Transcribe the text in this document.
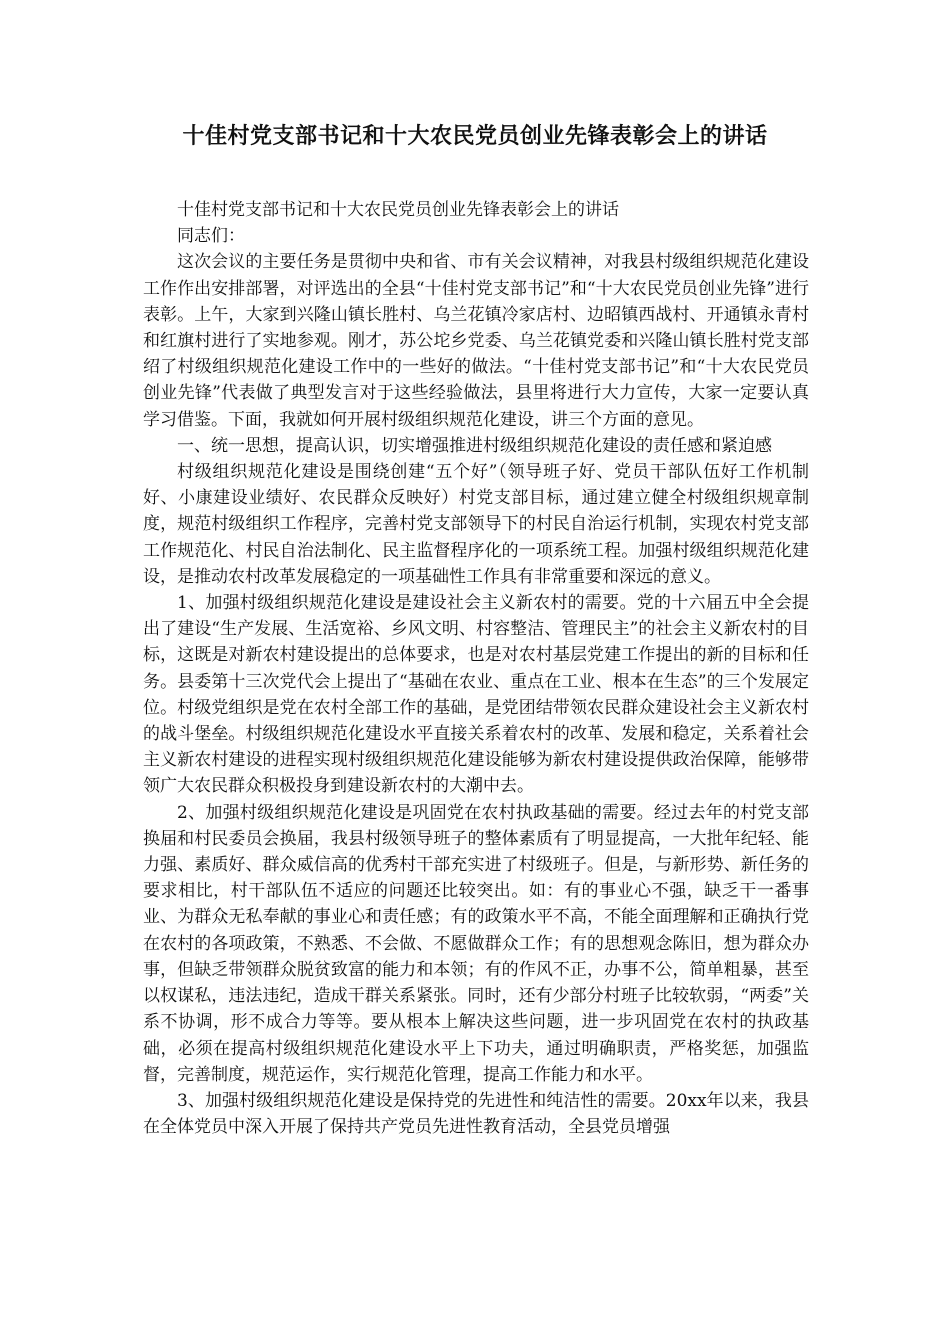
十佳村党支部书记和十大农民党员创业先锋表彰会上的讲话

十佳村党支部书记和十大农民党员创业先锋表彰会上的讲话

同志们：

这次会议的主要任务是贯彻中央和省、市有关会议精神，对我县村级组织规范化建设工作作出安排部署，对评选出的全县“十佳村党支部书记”和“十大农民党员创业先锋”进行表彰。上午，大家到兴隆山镇长胜村、乌兰花镇冷家店村、边昭镇西战村、开通镇永青村和红旗村进行了实地参观。刚才，苏公坨乡党委、乌兰花镇党委和兴隆山镇长胜村党支部绍了村级组织规范化建设工作中的一些好的做法。“十佳村党支部书记”和“十大农民党员创业先锋”代表做了典型发言对于这些经验做法，县里将进行大力宣传，大家一定要认真学习借鉴。下面，我就如何开展村级组织规范化建设，讲三个方面的意见。

一、统一思想，提高认识，切实增强推进村级组织规范化建设的责任感和紧迫感

村级组织规范化建设是围绕创建“五个好”（领导班子好、党员干部队伍好工作机制好、小康建设业绩好、农民群众反映好）村党支部目标，通过建立健全村级组织规章制度，规范村级组织工作程序，完善村党支部领导下的村民自治运行机制，实现农村党支部工作规范化、村民自治法制化、民主监督程序化的一项系统工程。加强村级组织规范化建设，是推动农村改革发展稳定的一项基础性工作具有非常重要和深远的意义。

1、加强村级组织规范化建设是建设社会主义新农村的需要。党的十六届五中全会提出了建设“生产发展、生活宽裕、乡风文明、村容整洁、管理民主”的社会主义新农村的目标，这既是对新农村建设提出的总体要求，也是对农村基层党建工作提出的新的目标和任务。县委第十三次党代会上提出了“基础在农业、重点在工业、根本在生态”的三个发展定位。村级党组织是党在农村全部工作的基础，是党团结带领农民群众建设社会主义新农村的战斗堡垒。村级组织规范化建设水平直接关系着农村的改革、发展和稳定，关系着社会主义新农村建设的进程实现村级组织规范化建设能够为新农村建设提供政治保障，能够带领广大农民群众积极投身到建设新农村的大潮中去。

2、加强村级组织规范化建设是巩固党在农村执政基础的需要。经过去年的村党支部换届和村民委员会换届，我县村级领导班子的整体素质有了明显提高，一大批年纪轻、能力强、素质好、群众威信高的优秀村干部充实进了村级班子。但是，与新形势、新任务的要求相比，村干部队伍不适应的问题还比较突出。如：有的事业心不强，缺乏干一番事业、为群众无私奉献的事业心和责任感；有的政策水平不高，不能全面理解和正确执行党在农村的各项政策，不熟悉、不会做、不愿做群众工作；有的思想观念陈旧，想为群众办事，但缺乏带领群众脱贫致富的能力和本领；有的作风不正，办事不公，简单粗暴，甚至以权谋私，违法违纪，造成干群关系紧张。同时，还有少部分村班子比较软弱，“两委”关系不协调，形不成合力等等。要从根本上解决这些问题，进一步巩固党在农村的执政基础，必须在提高村级组织规范化建设水平上下功夫，通过明确职责，严格奖惩，加强监督，完善制度，规范运作，实行规范化管理，提高工作能力和水平。

3、加强村级组织规范化建设是保持党的先进性和纯洁性的需要。20xx年以来，我县在全体党员中深入开展了保持共产党员先进性教育活动，全县党员增强
